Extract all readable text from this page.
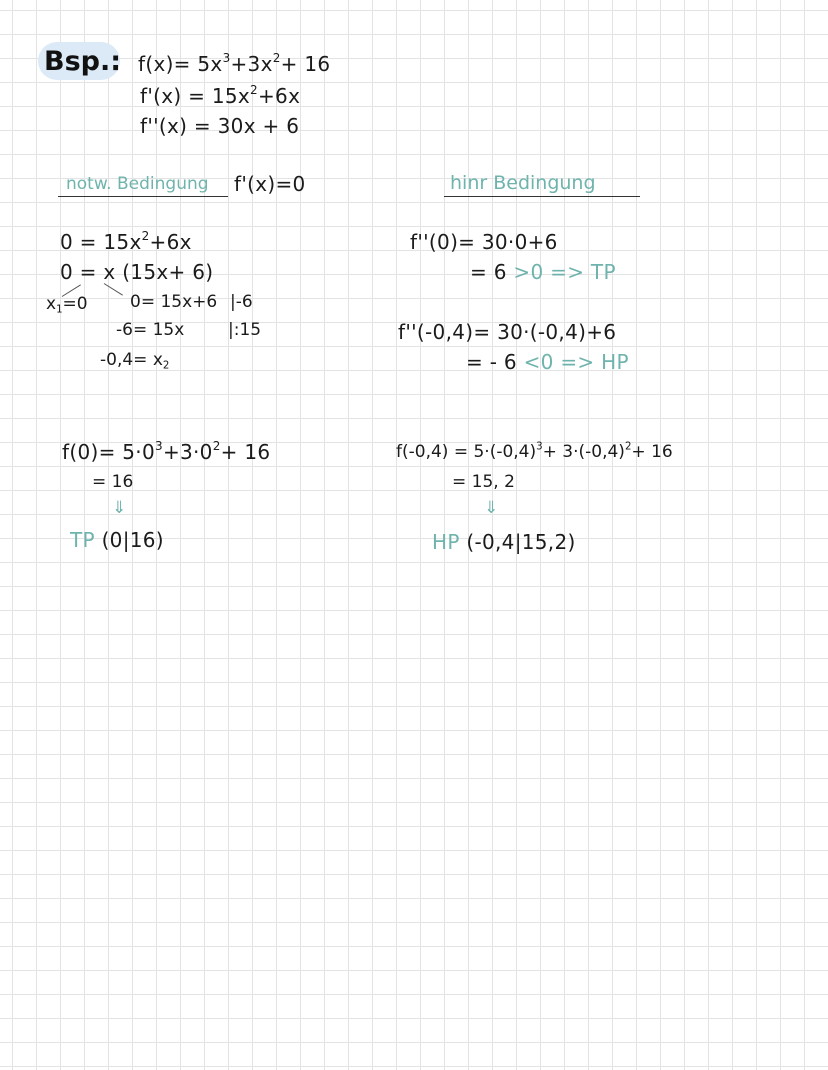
Bsp.: $f(x)= 5x^3+3x^2+ 16$
$f'(x) = 15x^2+6x$
f''(x) = 30x + 6
notw. Bedingung f'(x)=0
$0 = 15x^2+6x$
0 = x (15x+ 6)
$x_1=0$ 0= 15x+6 |-6
-6= 15x	|:15
$-0,4= x_2$
hinr Bedingung
f''(0)= 30·0+6
= 6 >0 => TP
f''(-0,4)= 30·(-0,4)+6
= - 6 <0 => HP
$f(0)= 5\cdot 0^3+3\cdot 0^2+ 16$
= 16
⇓
TP (0|16)
$f(-0,4) = 5\cdot(-0,4)^3+ 3\cdot(-0,4)^2+ 16$
= 15, 2
⇓
HP (-0,4|15,2)
